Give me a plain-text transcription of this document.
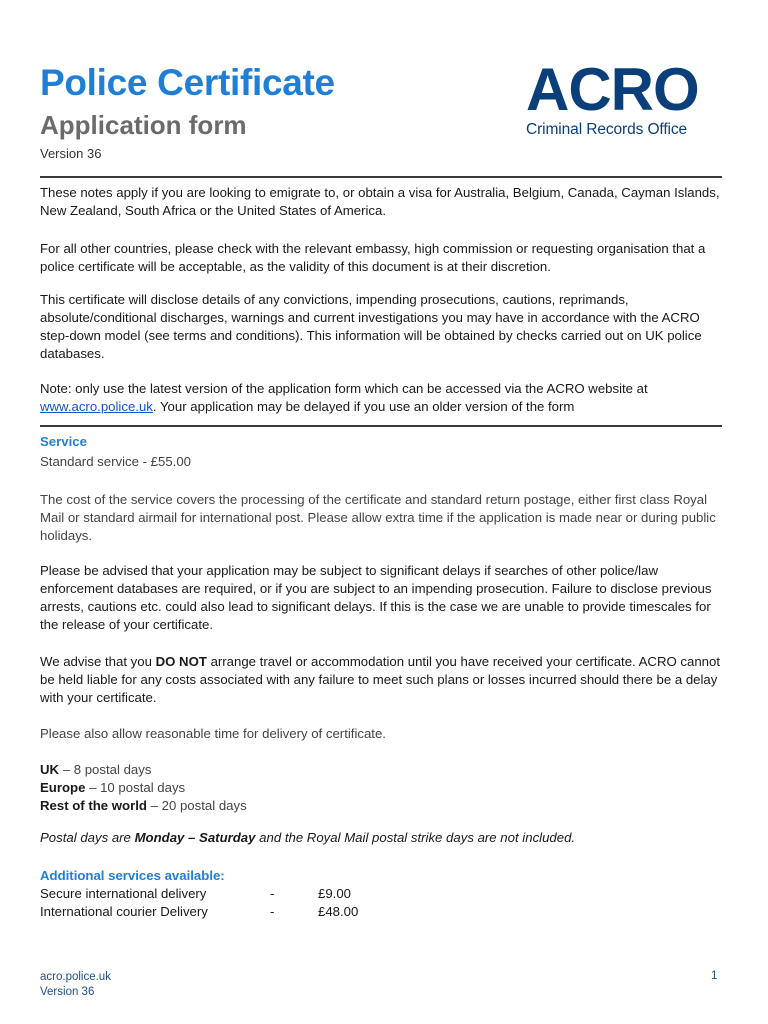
Police Certificate
Application form
Version 36
ACRO
Criminal Records Office

These notes apply if you are looking to emigrate to, or obtain a visa for Australia, Belgium, Canada, Cayman Islands, New Zealand, South Africa or the United States of America.

For all other countries, please check with the relevant embassy, high commission or requesting organisation that a police certificate will be acceptable, as the validity of this document is at their discretion.

This certificate will disclose details of any convictions, impending prosecutions, cautions, reprimands, absolute/conditional discharges, warnings and current investigations you may have in accordance with the ACRO step-down model (see terms and conditions). This information will be obtained by checks carried out on UK police databases.

Note: only use the latest version of the application form which can be accessed via the ACRO website at www.acro.police.uk. Your application may be delayed if you use an older version of the form

Service

Standard service - £55.00

The cost of the service covers the processing of the certificate and standard return postage, either first class Royal Mail or standard airmail for international post. Please allow extra time if the application is made near or during public holidays.

Please be advised that your application may be subject to significant delays if searches of other police/law enforcement databases are required, or if you are subject to an impending prosecution. Failure to disclose previous arrests, cautions etc. could also lead to significant delays. If this is the case we are unable to provide timescales for the release of your certificate.

We advise that you DO NOT arrange travel or accommodation until you have received your certificate. ACRO cannot be held liable for any costs associated with any failure to meet such plans or losses incurred should there be a delay with your certificate.

Please also allow reasonable time for delivery of certificate.

UK – 8 postal days

Europe – 10 postal days

Rest of the world – 20 postal days

Postal days are Monday – Saturday and the Royal Mail postal strike days are not included.

Additional services available:

Secure international delivery	-	£9.00
International courier Delivery	-	£48.00
acro.police.uk
Version 36
1
